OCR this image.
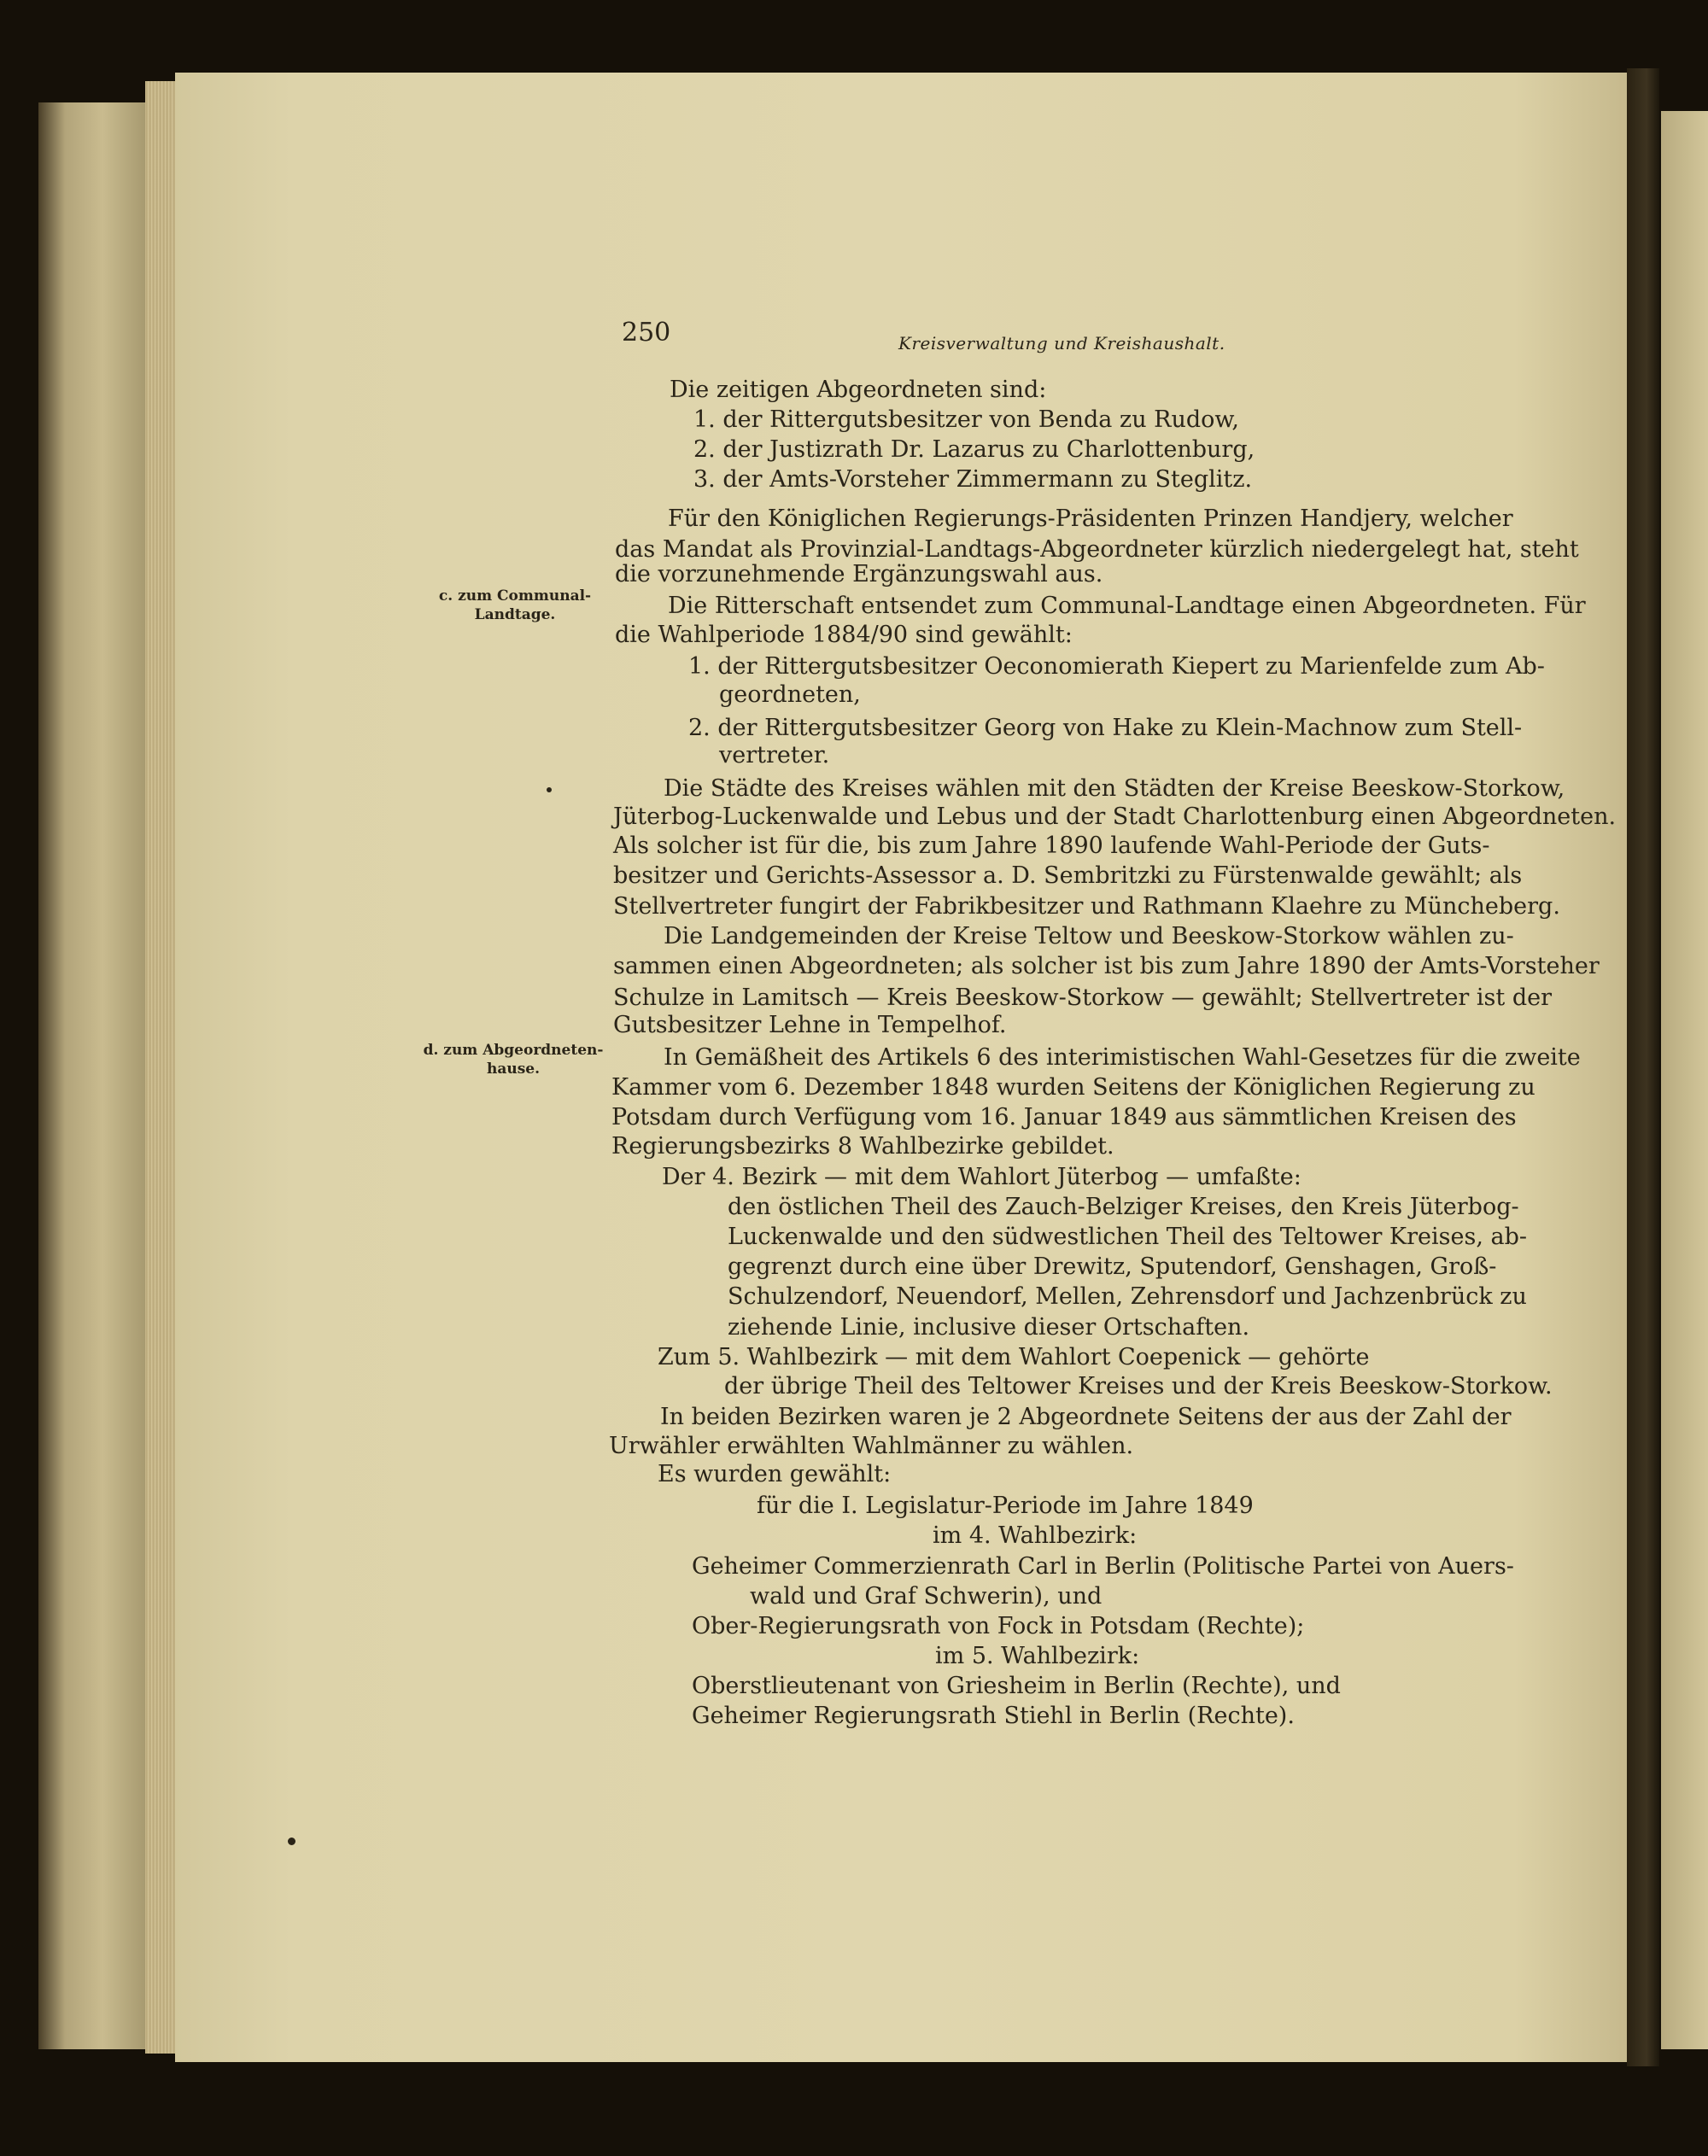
250	Kreisverwaltung und Kreishaushalt.
c. zum Communal-
Landtage.
d. zum Abgeordneten-
hause.
Die zeitigen Abgeordneten sind:
1. der Rittergutsbesitzer von Benda zu Rudow,
2. der Justizrath Dr. Lazarus zu Charlottenburg,
3. der Amts-Vorsteher Zimmermann zu Steglitz.
Für den Königlichen Regierungs-Präsidenten Prinzen Handjery, welcher
das Mandat als Provinzial-Landtags-Abgeordneter kürzlich niedergelegt hat, steht
die vorzunehmende Ergänzungswahl aus.
Die Ritterschaft entsendet zum Communal-Landtage einen Abgeordneten. Für
die Wahlperiode 1884/90 sind gewählt:
1. der Rittergutsbesitzer Oeconomierath Kiepert zu Marienfelde zum Ab-
geordneten,
2. der Rittergutsbesitzer Georg von Hake zu Klein-Machnow zum Stell-
vertreter.
Die Städte des Kreises wählen mit den Städten der Kreise Beeskow-Storkow,
Jüterbog-Luckenwalde und Lebus und der Stadt Charlottenburg einen Abgeordneten.
Als solcher ist für die, bis zum Jahre 1890 laufende Wahl-Periode der Guts-
besitzer und Gerichts-Assessor a. D. Sembritzki zu Fürstenwalde gewählt; als
Stellvertreter fungirt der Fabrikbesitzer und Rathmann Klaehre zu Müncheberg.
Die Landgemeinden der Kreise Teltow und Beeskow-Storkow wählen zu-
sammen einen Abgeordneten; als solcher ist bis zum Jahre 1890 der Amts-Vorsteher
Schulze in Lamitsch — Kreis Beeskow-Storkow — gewählt; Stellvertreter ist der
Gutsbesitzer Lehne in Tempelhof.
In Gemäßheit des Artikels 6 des interimistischen Wahl-Gesetzes für die zweite
Kammer vom 6. Dezember 1848 wurden Seitens der Königlichen Regierung zu
Potsdam durch Verfügung vom 16. Januar 1849 aus sämmtlichen Kreisen des
Regierungsbezirks 8 Wahlbezirke gebildet.
Der 4. Bezirk — mit dem Wahlort Jüterbog — umfaßte:
den östlichen Theil des Zauch-Belziger Kreises, den Kreis Jüterbog-
Luckenwalde und den südwestlichen Theil des Teltower Kreises, ab-
gegrenzt durch eine über Drewitz, Sputendorf, Genshagen, Groß-
Schulzendorf, Neuendorf, Mellen, Zehrensdorf und Jachzenbrück zu
ziehende Linie, inclusive dieser Ortschaften.
Zum 5. Wahlbezirk — mit dem Wahlort Coepenick — gehörte
der übrige Theil des Teltower Kreises und der Kreis Beeskow-Storkow.
In beiden Bezirken waren je 2 Abgeordnete Seitens der aus der Zahl der
Urwähler erwählten Wahlmänner zu wählen.
Es wurden gewählt:
für die I. Legislatur-Periode im Jahre 1849
im 4. Wahlbezirk:
Geheimer Commerzienrath Carl in Berlin (Politische Partei von Auers-
wald und Graf Schwerin), und
Ober-Regierungsrath von Fock in Potsdam (Rechte);
im 5. Wahlbezirk:
Oberstlieutenant von Griesheim in Berlin (Rechte), und
Geheimer Regierungsrath Stiehl in Berlin (Rechte).
